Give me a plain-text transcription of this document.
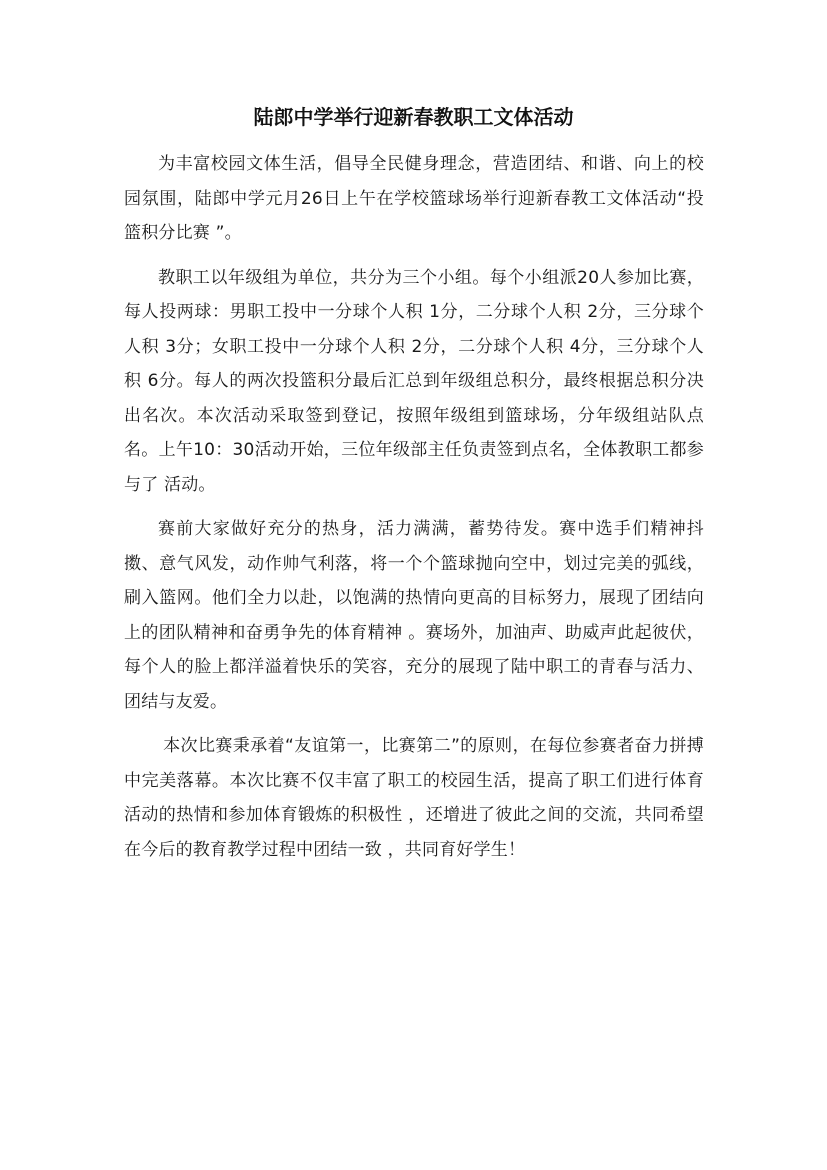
陆郎中学举行迎新春教职工文体活动

为丰富校园文体生活，倡导全民健身理念，营造团结、和谐、向上的校园氛围，陆郎中学元月26日上午在学校篮球场举行迎新春教工文体活动“投篮积分比赛 ”。

教职工以年级组为单位，共分为三个小组。每个小组派20人参加比赛，每人投两球：男职工投中一分球个人积 1分，二分球个人积 2分，三分球个人积 3分；女职工投中一分球个人积 2分，二分球个人积 4分，三分球个人积 6分。每人的两次投篮积分最后汇总到年级组总积分，最终根据总积分决出名次。本次活动采取签到登记，按照年级组到篮球场，分年级组站队点名。上午10：30活动开始，三位年级部主任负责签到点名，全体教职工都参与了 活动。

赛前大家做好充分的热身，活力满满，蓄势待发。赛中选手们精神抖擞、意气风发，动作帅气利落，将一个个篮球抛向空中，划过完美的弧线，刷入篮网。他们全力以赴，以饱满的热情向更高的目标努力，展现了团结向上的团队精神和奋勇争先的体育精神 。赛场外，加油声、助威声此起彼伏，每个人的脸上都洋溢着快乐的笑容，充分的展现了陆中职工的青春与活力、团结与友爱。

本次比赛秉承着“友谊第一，比赛第二”的原则，在每位参赛者奋力拼搏中完美落幕。本次比赛不仅丰富了职工的校园生活，提高了职工们进行体育活动的热情和参加体育锻炼的积极性 ，还增进了彼此之间的交流，共同希望在今后的教育教学过程中团结一致 ，共同育好学生！
